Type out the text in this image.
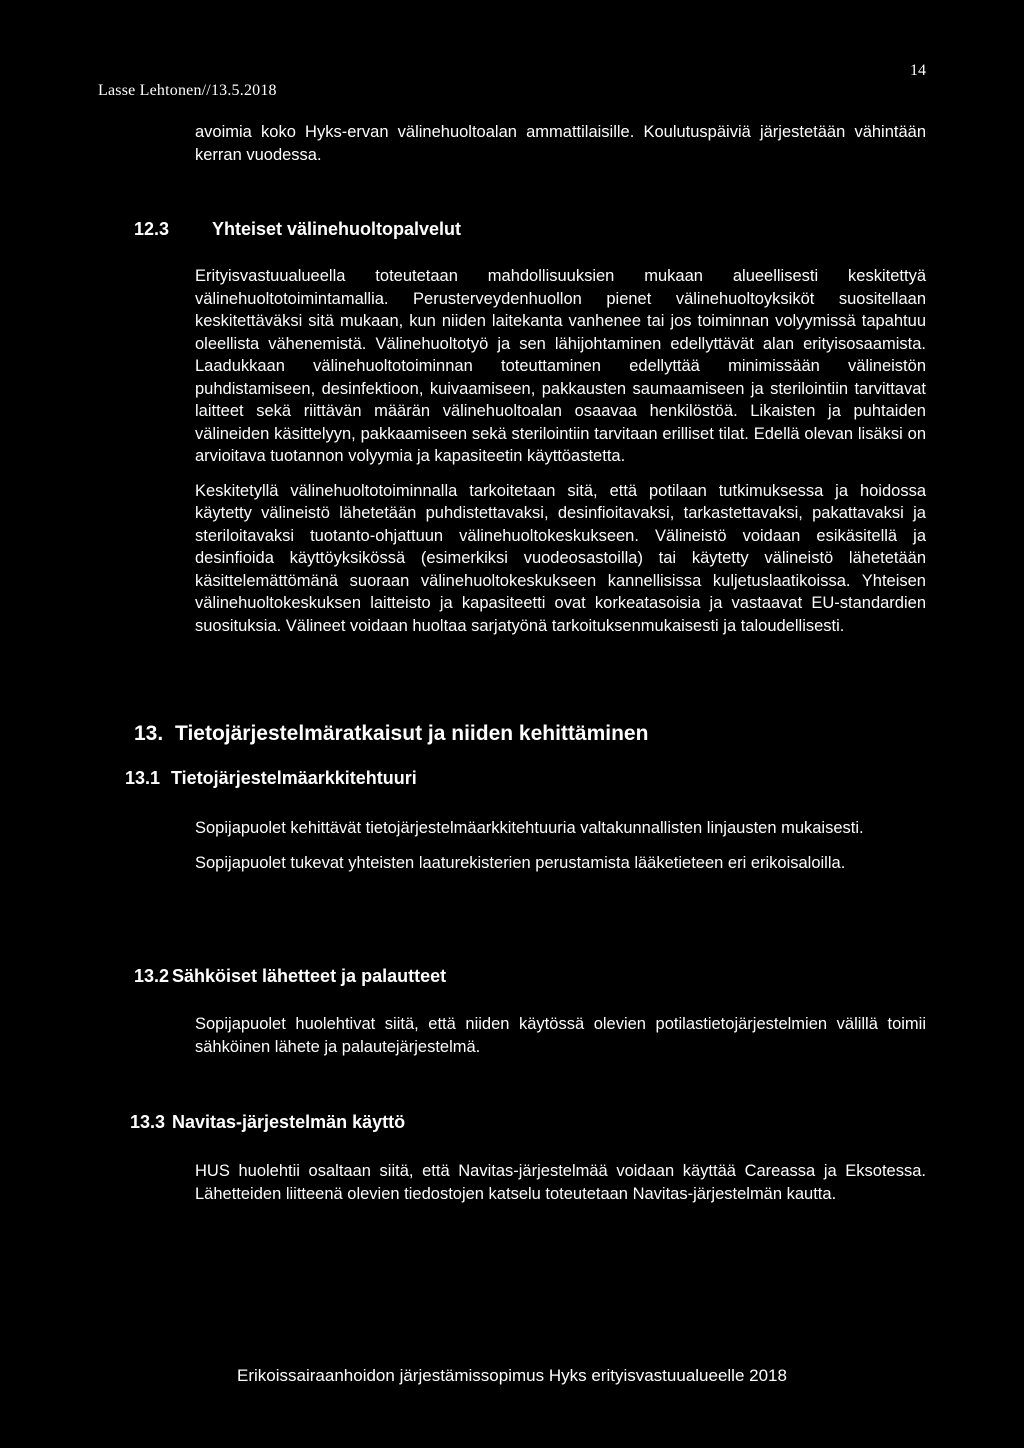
Lasse Lehtonen//13.5.2018
14

avoimia koko Hyks-ervan välinehuoltoalan ammattilaisille. Koulutuspäiviä järjestetään vähintään kerran vuodessa.

12.3 Yhteiset välinehuoltopalvelut

Erityisvastuualueella toteutetaan mahdollisuuksien mukaan alueellisesti keskitettyä välinehuoltotoimintamallia. Perusterveydenhuollon pienet välinehuoltoyksiköt suositellaan keskitettäväksi sitä mukaan, kun niiden laitekanta vanhenee tai jos toiminnan volyymissä tapahtuu oleellista vähenemistä. Välinehuoltotyö ja sen lähijohtaminen edellyttävät alan erityisosaamista. Laadukkaan välinehuoltotoiminnan toteuttaminen edellyttää minimissään välineistön puhdistamiseen, desinfektioon, kuivaamiseen, pakkausten saumaamiseen ja sterilointiin tarvittavat laitteet sekä riittävän määrän välinehuoltoalan osaavaa henkilöstöä. Likaisten ja puhtaiden välineiden käsittelyyn, pakkaamiseen sekä sterilointiin tarvitaan erilliset tilat. Edellä olevan lisäksi on arvioitava tuotannon volyymia ja kapasiteetin käyttöastetta.

Keskitetyllä välinehuoltotoiminnalla tarkoitetaan sitä, että potilaan tutkimuksessa ja hoidossa käytetty välineistö lähetetään puhdistettavaksi, desinfioitavaksi, tarkastettavaksi, pakattavaksi ja steriloitavaksi tuotanto-ohjattuun välinehuoltokeskukseen. Välineistö voidaan esikäsitellä ja desinfioida käyttöyksikössä (esimerkiksi vuodeosastoilla) tai käytetty välineistö lähetetään käsittelemättömänä suoraan välinehuoltokeskukseen kannellisissa kuljetuslaatikoissa. Yhteisen välinehuoltokeskuksen laitteisto ja kapasiteetti ovat korkeatasoisia ja vastaavat EU-standardien suosituksia. Välineet voidaan huoltaa sarjatyönä tarkoituksenmukaisesti ja taloudellisesti.

13. Tietojärjestelmäratkaisut ja niiden kehittäminen
13.1 Tietojärjestelmäarkkitehtuuri

Sopijapuolet kehittävät tietojärjestelmäarkkitehtuuria valtakunnallisten linjausten mukaisesti.

Sopijapuolet tukevat yhteisten laaturekisterien perustamista lääketieteen eri erikoisaloilla.

13.2 Sähköiset lähetteet ja palautteet

Sopijapuolet huolehtivat siitä, että niiden käytössä olevien potilastietojärjestelmien välillä toimii sähköinen lähete ja palautejärjestelmä.

13.3 Navitas-järjestelmän käyttö

HUS huolehtii osaltaan siitä, että Navitas-järjestelmää voidaan käyttää Careassa ja Eksotessa. Lähetteiden liitteenä olevien tiedostojen katselu toteutetaan Navitas-järjestelmän kautta.

Erikoissairaanhoidon järjestämissopimus Hyks erityisvastuualueelle 2018
